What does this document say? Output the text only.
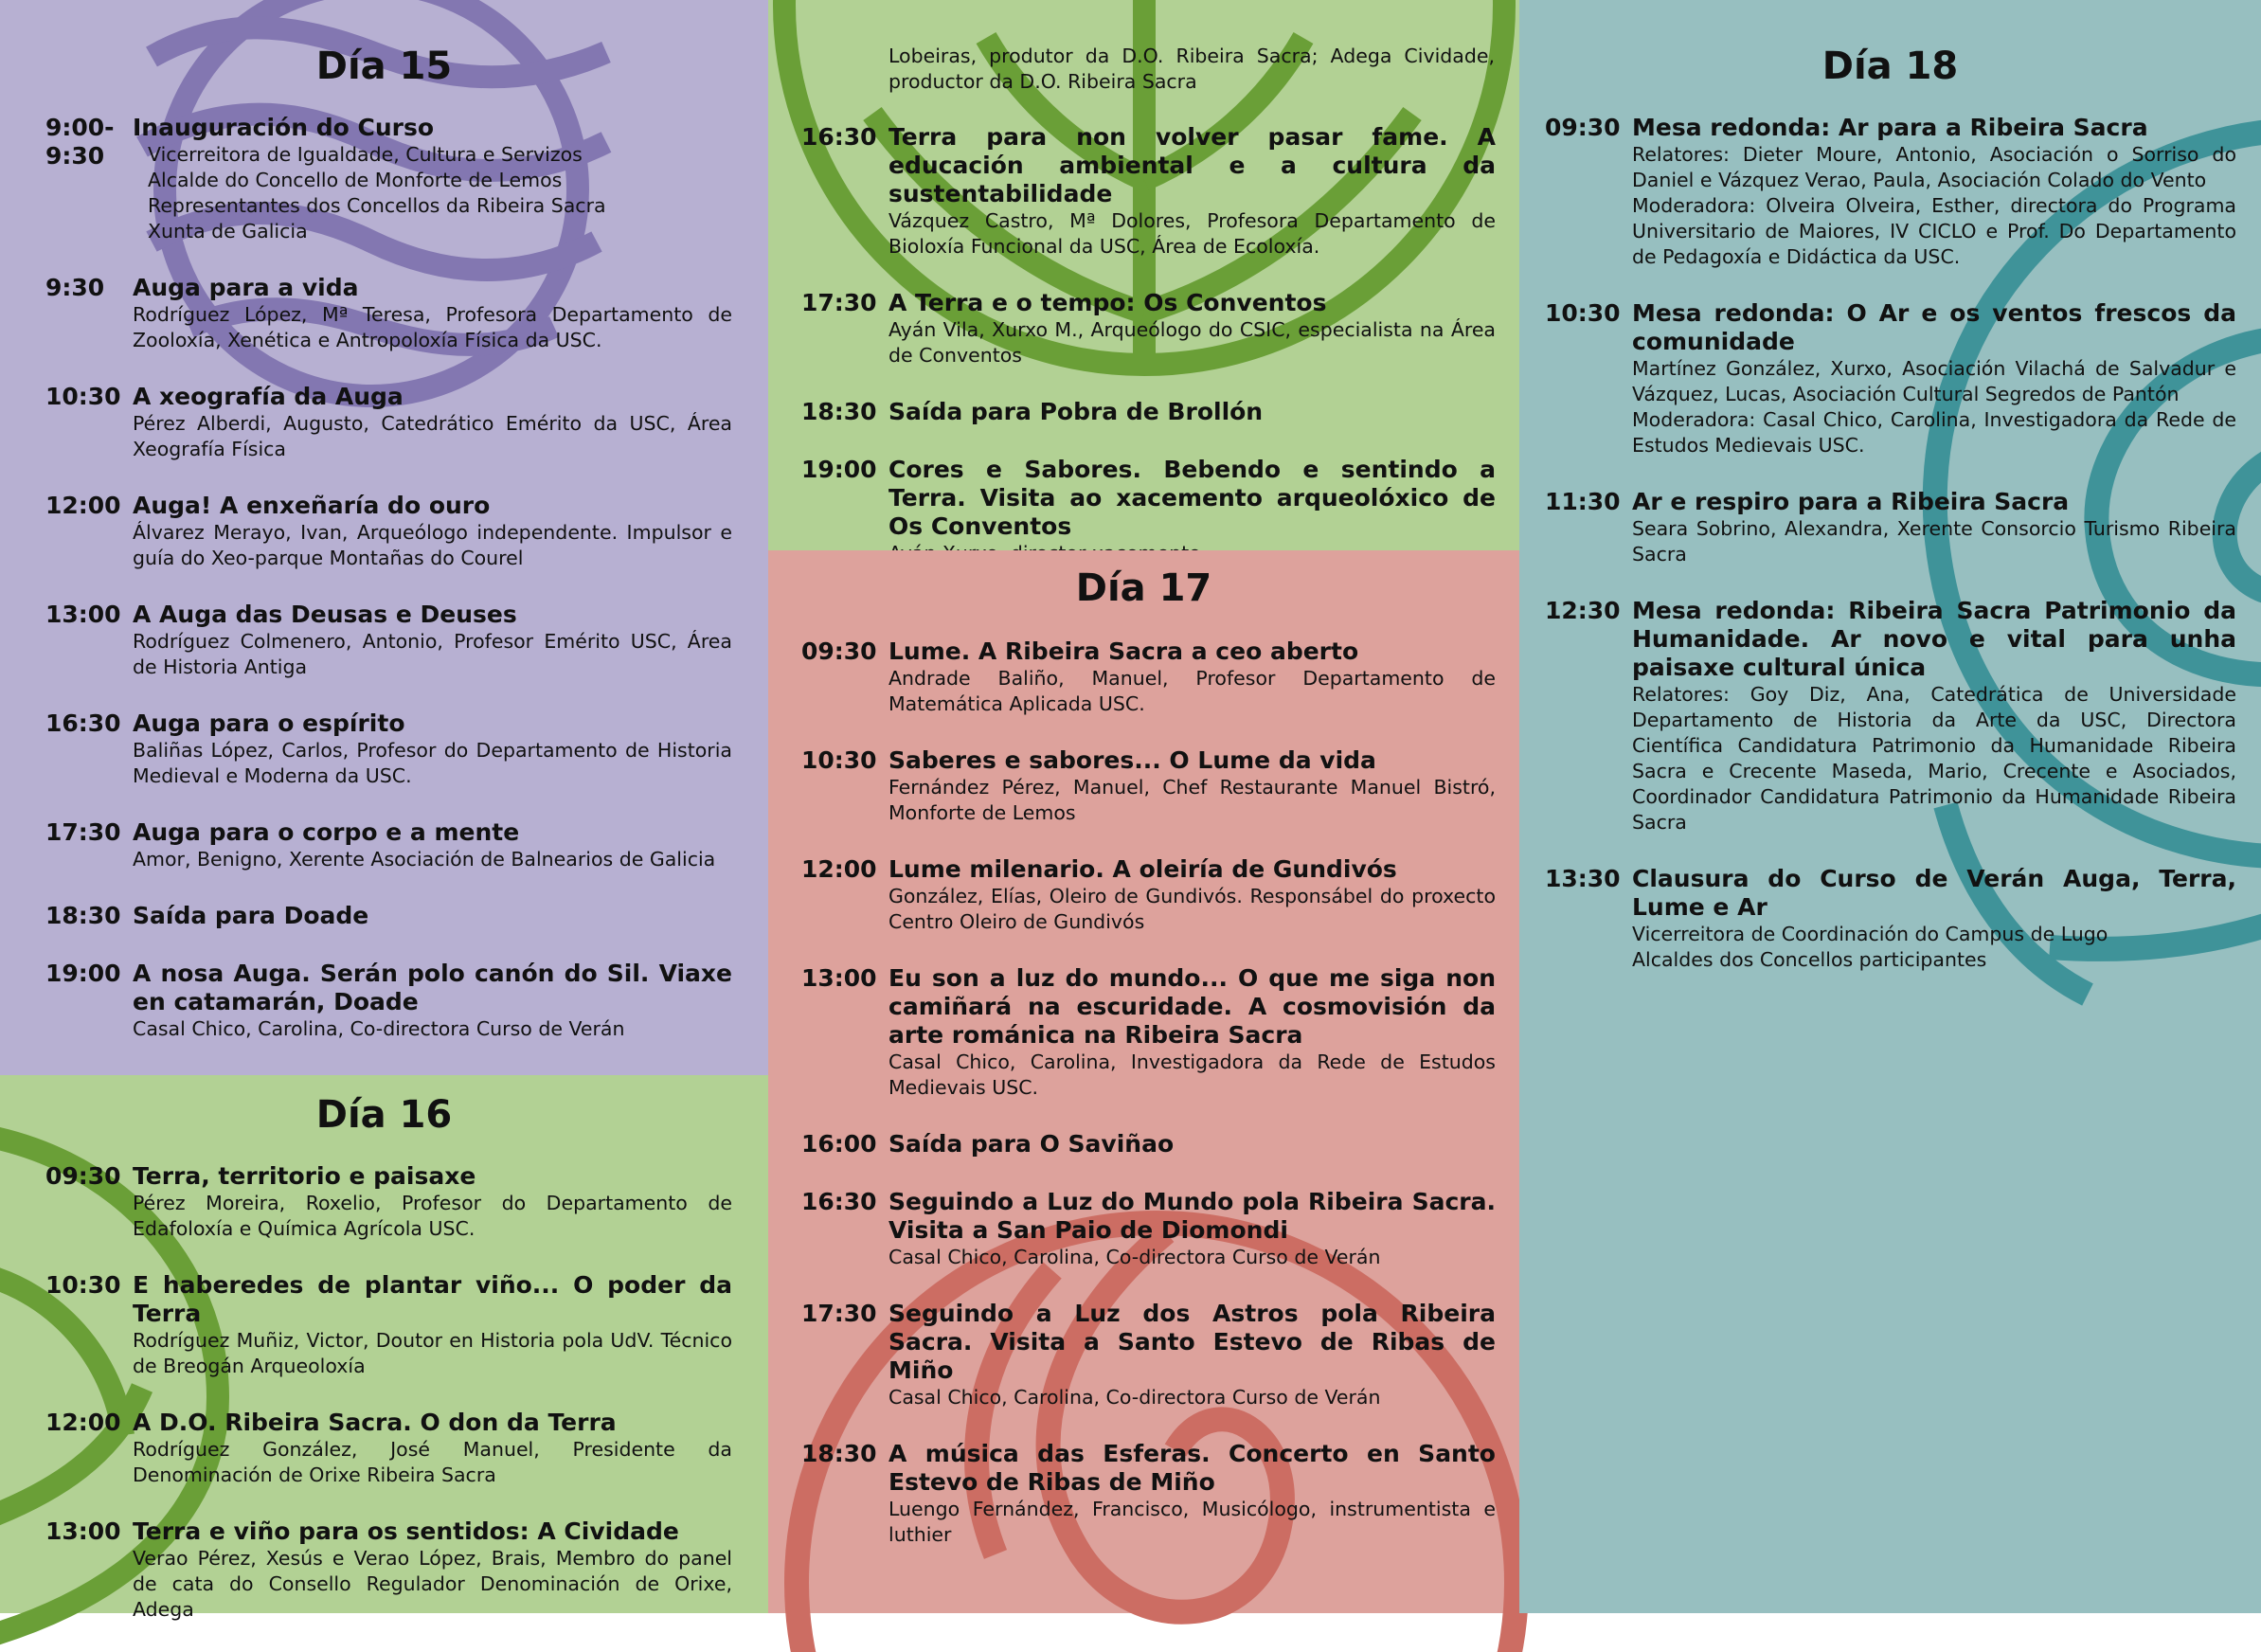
Día 15
9:00-9:30
Inauguración do Curso
Vicerreitora de Igualdade, Cultura e Servizos
Alcalde do Concello de Monforte de Lemos
Representantes dos Concellos da Ribeira Sacra
Xunta de Galicia
9:30	Auga para a vida
Rodríguez López, Mª Teresa, Profesora Departamento de Zooloxía, Xenética e Antropoloxía Física da USC.
10:30 A xeografía da Auga
Pérez Alberdi, Augusto, Catedrático Emérito da USC, Área Xeografía Física
12:00 Auga! A enxeñaría do ouro
Álvarez Merayo, Ivan, Arqueólogo independente. Impulsor e guía do Xeo-parque Montañas do Courel
13:00 A Auga das Deusas e Deuses
Rodríguez Colmenero, Antonio, Profesor Emérito USC, Área de Historia Antiga
16:30 Auga para o espírito
Baliñas López, Carlos, Profesor do Departamento de Historia Medieval e Moderna da USC.
17:30 Auga para o corpo e a mente
Amor, Benigno, Xerente Asociación de Balnearios de Galicia
18:30 Saída para Doade
19:00 A nosa Auga. Serán polo canón do Sil. Viaxe en catamarán, Doade
Casal Chico, Carolina, Co-directora Curso de Verán
Día 16
09:30 Terra, territorio e paisaxe
Pérez Moreira, Roxelio, Profesor do Departamento de Edafoloxía e Química Agrícola USC.
10:30 E haberedes de plantar viño... O poder da Terra
Rodríguez Muñiz, Victor, Doutor en Historia pola UdV. Técnico de Breogán Arqueoloxía
12:00 A D.O. Ribeira Sacra. O don da Terra
Rodríguez González, José Manuel, Presidente da Denominación de Orixe Ribeira Sacra
13:00 Terra e viño para os sentidos: A Cividade
Verao Pérez, Xesús e Verao López, Brais, Membro do panel de cata do Consello Regulador Denominación de Orixe, Adega
Lobeiras, produtor da D.O. Ribeira Sacra; Adega Cividade, productor da D.O. Ribeira Sacra
16:30 Terra para non volver pasar fame. A educación ambiental e a cultura da sustentabilidade
Vázquez Castro, Mª Dolores, Profesora Departamento de Bioloxía Funcional da USC, Área de Ecoloxía.
17:30 A Terra e o tempo: Os Conventos
Ayán Vila, Xurxo M., Arqueólogo do CSIC, especialista na Área de Conventos
18:30 Saída para Pobra de Brollón
19:00 Cores e Sabores. Bebendo e sentindo a Terra. Visita ao xacemento arqueolóxico de Os Conventos
Día 17
09:30 Lume. A Ribeira Sacra a ceo aberto
Andrade Baliño, Manuel, Profesor Departamento de Matemática Aplicada USC.
10:30 Saberes e sabores... O Lume da vida
Fernández Pérez, Manuel, Chef Restaurante Manuel Bistró, Monforte de Lemos
12:00 Lume milenario. A oleiría de Gundivós
González, Elías, Oleiro de Gundivós. Responsábel do proxecto Centro Oleiro de Gundivós
13:00 Eu son a luz do mundo... O que me siga non camiñará na escuridade. A cosmovisión da arte románica na Ribeira Sacra
Casal Chico, Carolina, Investigadora da Rede de Estudos Medievais USC.
16:00 Saída para O Saviñao
16:30 Seguindo a Luz do Mundo pola Ribeira Sacra. Visita a San Paio de Diomondi
Casal Chico, Carolina, Co-directora Curso de Verán
17:30 Seguindo a Luz dos Astros pola Ribeira Sacra. Visita a Santo Estevo de Ribas de Miño
Casal Chico, Carolina, Co-directora Curso de Verán
18:30 A música das Esferas. Concerto en Santo Estevo de Ribas de Miño
Luengo Fernández, Francisco, Musicólogo, instrumentista e luthier
Día 18
09:30 Mesa redonda: Ar para a Ribeira Sacra
Relatores: Dieter Moure, Antonio, Asociación o Sorriso do Daniel e Vázquez Verao, Paula, Asociación Colado do Vento
Moderadora: Olveira Olveira, Esther, directora do Programa Universitario de Maiores, IV CICLO e Prof. Do Departamento de Pedagoxía e Didáctica da USC.
10:30 Mesa redonda: O Ar e os ventos frescos da comunidade
Martínez González, Xurxo, Asociación Vilachá de Salvadur e Vázquez, Lucas, Asociación Cultural Segredos de Pantón
Moderadora: Casal Chico, Carolina, Investigadora da Rede de Estudos Medievais USC.
11:30 Ar e respiro para a Ribeira Sacra
Seara Sobrino, Alexandra, Xerente Consorcio Turismo Ribeira Sacra
12:30 Mesa redonda: Ribeira Sacra Patrimonio da Humanidade. Ar novo e vital para unha paisaxe cultural única
Relatores: Goy Diz, Ana, Catedrática de Universidade Departamento de Historia da Arte da USC, Directora Científica Candidatura Patrimonio da Humanidade Ribeira Sacra e Crecente Maseda, Mario, Crecente e Asociados, Coordinador Candidatura Patrimonio da Humanidade Ribeira Sacra
13:30 Clausura do Curso de Verán Auga, Terra, Lume e Ar
Vicerreitora de Coordinación do Campus de Lugo
Alcaldes dos Concellos participantes
